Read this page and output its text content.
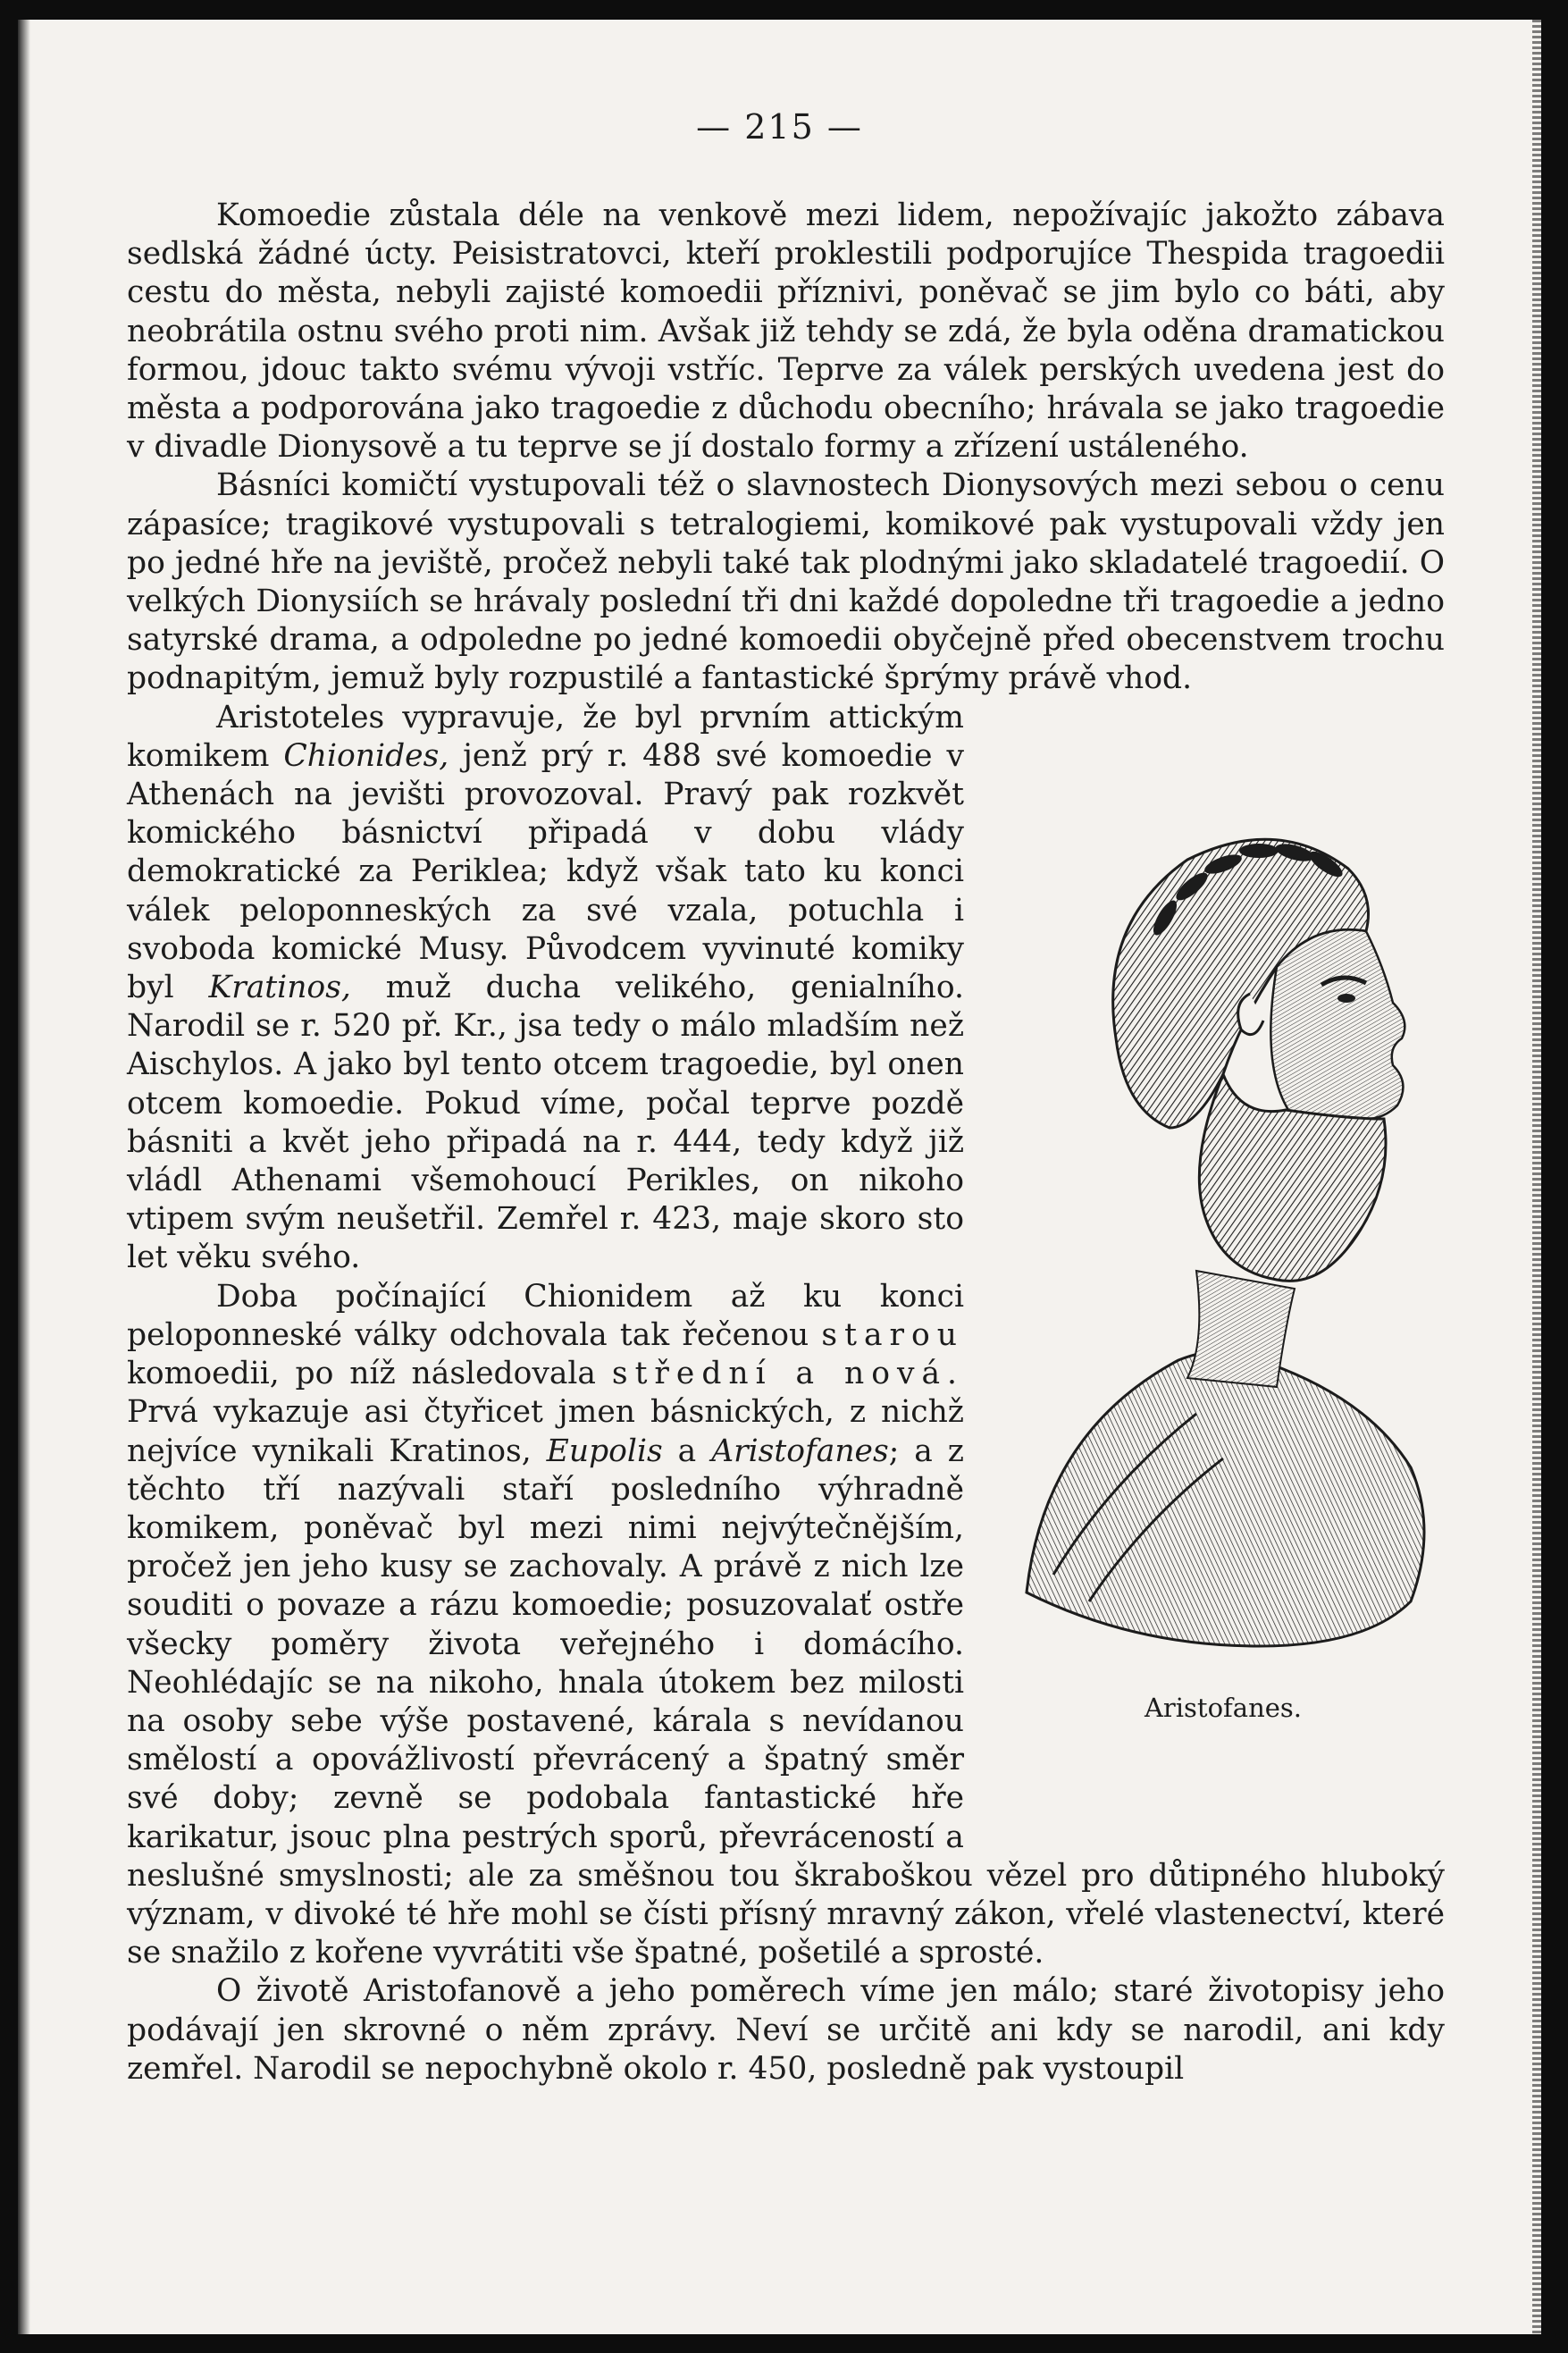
— 215 —

Komoedie zůstala déle na venkově mezi lidem, nepožívajíc jakožto zábava sedlská žádné úcty. Peisistratovci, kteří proklestili podporujíce Thespida tragoedii cestu do města, nebyli zajisté komoedii příznivi, poněvač se jim bylo co báti, aby neobrátila ostnu svého proti nim. Avšak již tehdy se zdá, že byla oděna dramatickou formou, jdouc takto svému vývoji vstříc. Teprve za válek perských uvedena jest do města a podporována jako tragoedie z důchodu obecního; hrávala se jako tragoedie v divadle Dionysově a tu teprve se jí dostalo formy a zřízení ustáleného.

Básníci komičtí vystupovali též o slavnostech Dionysových mezi sebou o cenu zápasíce; tragikové vystupovali s tetralogiemi, komikové pak vystupovali vždy jen po jedné hře na jeviště, pročež nebyli také tak plodnými jako skladatelé tragoedií. O velkých Dionysiích se hrávaly poslední tři dni každé dopoledne tři tragoedie a jedno satyrské drama, a odpoledne po jedné komoedii obyčejně před obecenstvem trochu podnapitým, jemuž byly rozpustilé a fantastické šprýmy právě vhod.

Aristofanes.

Aristoteles vypravuje, že byl prvním attickým komikem Chionides, jenž prý r. 488 své komoedie v Athenách na jevišti provozoval. Pravý pak rozkvět komického básnictví připadá v dobu vlády demokratické za Periklea; když však tato ku konci válek peloponneských za své vzala, potuchla i svoboda komické Musy. Původcem vyvinuté komiky byl Kratinos, muž ducha velikého, genialního. Narodil se r. 520 př. Kr., jsa tedy o málo mladším než Aischylos. A jako byl tento otcem tragoedie, byl onen otcem komoedie. Pokud víme, počal teprve pozdě básniti a květ jeho připadá na r. 444, tedy když již vládl Athenami všemohoucí Perikles, on nikoho vtipem svým neušetřil. Zemřel r. 423, maje skoro sto let věku svého.

Doba počínající Chionidem až ku konci peloponneské války odchovala tak řečenou starou komoedii, po níž následovala střední a nová. Prvá vykazuje asi čtyřicet jmen básnických, z nichž nejvíce vynikali Kratinos, Eupolis a Aristofanes; a z těchto tří nazývali staří posledního výhradně komikem, poněvač byl mezi nimi nejvýtečnějším, pročež jen jeho kusy se zachovaly. A právě z nich lze souditi o povaze a rázu komoedie; posuzovalať ostře všecky poměry života veřejného i domácího. Neohlédajíc se na nikoho, hnala útokem bez milosti na osoby sebe výše postavené, kárala s nevídanou smělostí a opovážlivostí převrácený a špatný směr své doby; zevně se podobala fantastické hře karikatur, jsouc plna pestrých sporů, převráceností a neslušné smyslnosti; ale za směšnou tou škraboškou vězel pro důtipného hluboký význam, v divoké té hře mohl se čísti přísný mravný zákon, vřelé vlastenectví, které se snažilo z kořene vyvrátiti vše špatné, pošetilé a sprosté.

O životě Aristofanově a jeho poměrech víme jen málo; staré životopisy jeho podávají jen skrovné o něm zprávy. Neví se určitě ani kdy se narodil, ani kdy zemřel. Narodil se nepochybně okolo r. 450, posledně pak vystoupil
